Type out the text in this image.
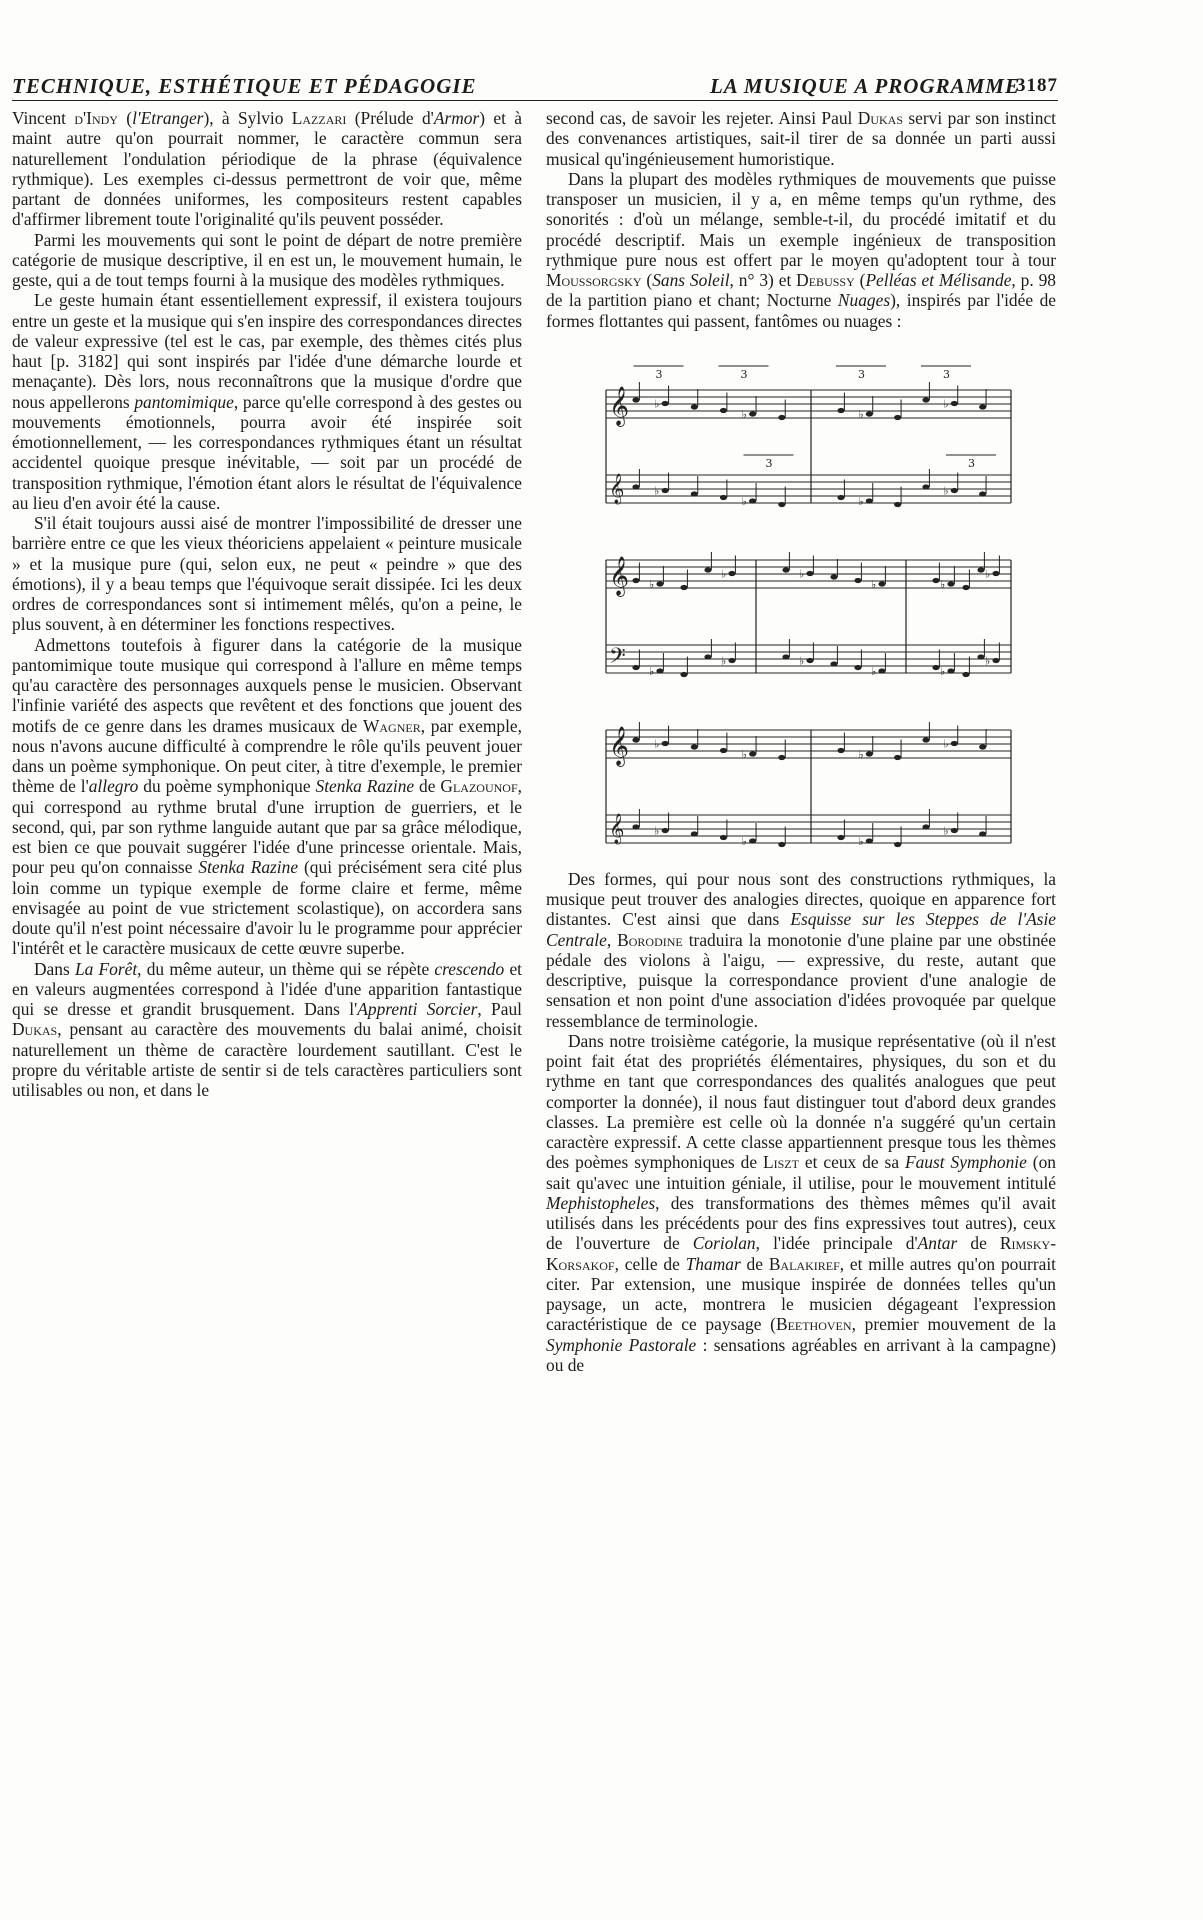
TECHNIQUE, ESTHÉTIQUE ET PÉDAGOGIE	LA MUSIQUE A PROGRAMME
3187

Vincent d'Indy (l'Etranger), à Sylvio Lazzari (Prélude d'Armor) et à maint autre qu'on pourrait nommer, le caractère commun sera naturellement l'ondulation périodique de la phrase (équivalence rythmique). Les exemples ci-dessus permettront de voir que, même partant de données uniformes, les compositeurs restent capables d'affirmer librement toute l'originalité qu'ils peuvent posséder.

Parmi les mouvements qui sont le point de départ de notre première catégorie de musique descriptive, il en est un, le mouvement humain, le geste, qui a de tout temps fourni à la musique des modèles rythmiques.

Le geste humain étant essentiellement expressif, il existera toujours entre un geste et la musique qui s'en inspire des correspondances directes de valeur expressive (tel est le cas, par exemple, des thèmes cités plus haut [p. 3182] qui sont inspirés par l'idée d'une démarche lourde et menaçante). Dès lors, nous reconnaîtrons que la musique d'ordre que nous appellerons pantomimique, parce qu'elle correspond à des gestes ou mouvements émotionnels, pourra avoir été inspirée soit émotionnellement, — les correspondances rythmiques étant un résultat accidentel quoique presque inévitable, — soit par un procédé de transposition rythmique, l'émotion étant alors le résultat de l'équivalence au lieu d'en avoir été la cause.

S'il était toujours aussi aisé de montrer l'impossibilité de dresser une barrière entre ce que les vieux théoriciens appelaient « peinture musicale » et la musique pure (qui, selon eux, ne peut « peindre » que des émotions), il y a beau temps que l'équivoque serait dissipée. Ici les deux ordres de correspondances sont si intimement mêlés, qu'on a peine, le plus souvent, à en déterminer les fonctions respectives.

Admettons toutefois à figurer dans la catégorie de la musique pantomimique toute musique qui correspond à l'allure en même temps qu'au caractère des personnages auxquels pense le musicien. Observant l'infinie variété des aspects que revêtent et des fonctions que jouent des motifs de ce genre dans les drames musicaux de Wagner, par exemple, nous n'avons aucune difficulté à comprendre le rôle qu'ils peuvent jouer dans un poème symphonique. On peut citer, à titre d'exemple, le premier thème de l'allegro du poème symphonique Stenka Razine de Glazounof, qui correspond au rythme brutal d'une irruption de guerriers, et le second, qui, par son rythme languide autant que par sa grâce mélodique, est bien ce que pouvait suggérer l'idée d'une princesse orientale. Mais, pour peu qu'on connaisse Stenka Razine (qui précisément sera cité plus loin comme un typique exemple de forme claire et ferme, même envisagée au point de vue strictement scolastique), on accordera sans doute qu'il n'est point nécessaire d'avoir lu le programme pour apprécier l'intérêt et le caractère musicaux de cette œuvre superbe.

Dans La Forêt, du même auteur, un thème qui se répète crescendo et en valeurs augmentées correspond à l'idée d'une apparition fantastique qui se dresse et grandit brusquement. Dans l'Apprenti Sorcier, Paul Dukas, pensant au caractère des mouvements du balai animé, choisit naturellement un thème de caractère lourdement sautillant. C'est le propre du véritable artiste de sentir si de tels caractères particuliers sont utilisables ou non, et dans le

second cas, de savoir les rejeter. Ainsi Paul Dukas servi par son instinct des convenances artistiques, sait-il tirer de sa donnée un parti aussi musical qu'ingénieusement humoristique.

Dans la plupart des modèles rythmiques de mouvements que puisse transposer un musicien, il y a, en même temps qu'un rythme, des sonorités : d'où un mélange, semble-t-il, du procédé imitatif et du procédé descriptif. Mais un exemple ingénieux de transposition rythmique pure nous est offert par le moyen qu'adoptent tour à tour Moussorgsky (Sans Soleil, n° 3) et Debussy (Pelléas et Mélisande, p. 98 de la partition piano et chant; Nocturne Nuages), inspirés par l'idée de formes flottantes qui passent, fantômes ou nuages :

𝄞
𝄞
♭
♭
♭
♭
♭
♭
♭
♭
3	3	3	3
3	3
𝄞
𝄢
♭
♭
♭
♭
♭
♭
♭
♭
♭
♭
♭
♭
𝄞
𝄞
♭
♭
♭
♭
♭
♭
♭
♭

Des formes, qui pour nous sont des constructions rythmiques, la musique peut trouver des analogies directes, quoique en apparence fort distantes. C'est ainsi que dans Esquisse sur les Steppes de l'Asie Centrale, Borodine traduira la monotonie d'une plaine par une obstinée pédale des violons à l'aigu, — expressive, du reste, autant que descriptive, puisque la correspondance provient d'une analogie de sensation et non point d'une association d'idées provoquée par quelque ressemblance de terminologie.

Dans notre troisième catégorie, la musique représentative (où il n'est point fait état des propriétés élémentaires, physiques, du son et du rythme en tant que correspondances des qualités analogues que peut comporter la donnée), il nous faut distinguer tout d'abord deux grandes classes. La première est celle où la donnée n'a suggéré qu'un certain caractère expressif. A cette classe appartiennent presque tous les thèmes des poèmes symphoniques de Liszt et ceux de sa Faust Symphonie (on sait qu'avec une intuition géniale, il utilise, pour le mouvement intitulé Mephistopheles, des transformations des thèmes mêmes qu'il avait utilisés dans les précédents pour des fins expressives tout autres), ceux de l'ouverture de Coriolan, l'idée principale d'Antar de Rimsky-Korsakof, celle de Thamar de Balakiref, et mille autres qu'on pourrait citer. Par extension, une musique inspirée de données telles qu'un paysage, un acte, montrera le musicien dégageant l'expression caractéristique de ce paysage (Beethoven, premier mouvement de la Symphonie Pastorale : sensations agréables en arrivant à la campagne) ou de
